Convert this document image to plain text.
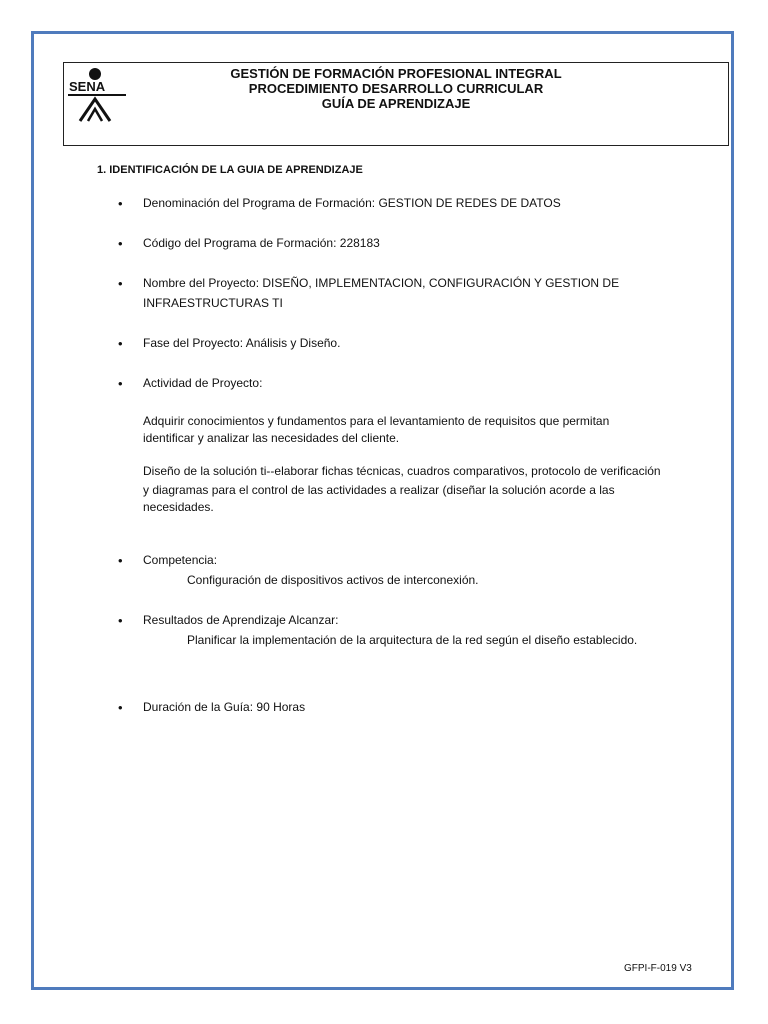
SENA
GESTIÓN DE FORMACIÓN PROFESIONAL INTEGRAL
PROCEDIMIENTO DESARROLLO CURRICULAR
GUÍA DE APRENDIZAJE
1. IDENTIFICACIÓN DE LA GUIA DE APRENDIZAJE
• Denominación del Programa de Formación: GESTION DE REDES DE DATOS
• Código del Programa de Formación: 228183
• Nombre del Proyecto: DISEÑO, IMPLEMENTACION, CONFIGURACIÓN Y GESTION DE
INFRAESTRUCTURAS TI
• Fase del Proyecto: Análisis y Diseño.
• Actividad de Proyecto:
Adquirir conocimientos y fundamentos para el levantamiento de requisitos que permitan
identificar y analizar las necesidades del cliente.
Diseño de la solución ti--elaborar fichas técnicas, cuadros comparativos, protocolo de verificación
y diagramas para el control de las actividades a realizar (diseñar la solución acorde a las
necesidades.
• Competencia:
Configuración de dispositivos activos de interconexión.
• Resultados de Aprendizaje Alcanzar:
Planificar la implementación de la arquitectura de la red según el diseño establecido.
• Duración de la Guía: 90 Horas
GFPI-F-019 V3
